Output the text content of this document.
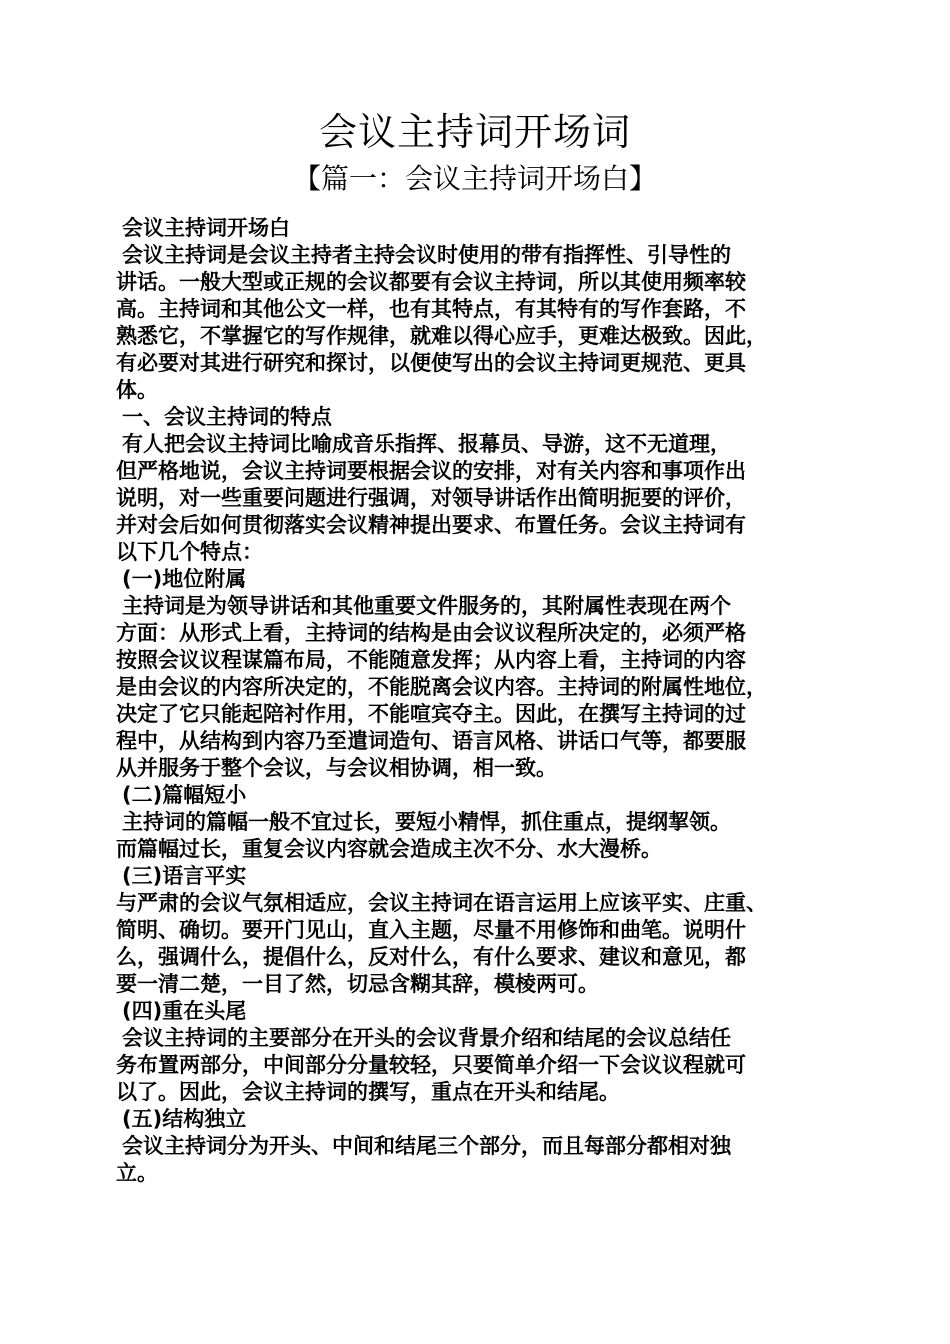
会议主持词开场词
【篇一：会议主持词开场白】
会议主持词开场白
会议主持词是会议主持者主持会议时使用的带有指挥性、引导性的
讲话。一般大型或正规的会议都要有会议主持词，所以其使用频率较
高。主持词和其他公文一样，也有其特点，有其特有的写作套路，不
熟悉它，不掌握它的写作规律，就难以得心应手，更难达极致。因此，
有必要对其进行研究和探讨，以便使写出的会议主持词更规范、更具
体。
一、会议主持词的特点
有人把会议主持词比喻成音乐指挥、报幕员、导游，这不无道理，
但严格地说，会议主持词要根据会议的安排，对有关内容和事项作出
说明，对一些重要问题进行强调，对领导讲话作出简明扼要的评价，
并对会后如何贯彻落实会议精神提出要求、布置任务。会议主持词有
以下几个特点：
(一)地位附属
主持词是为领导讲话和其他重要文件服务的，其附属性表现在两个
方面：从形式上看，主持词的结构是由会议议程所决定的，必须严格
按照会议议程谋篇布局，不能随意发挥；从内容上看，主持词的内容
是由会议的内容所决定的，不能脱离会议内容。主持词的附属性地位，
决定了它只能起陪衬作用，不能喧宾夺主。因此，在撰写主持词的过
程中，从结构到内容乃至遣词造句、语言风格、讲话口气等，都要服
从并服务于整个会议，与会议相协调，相一致。
(二)篇幅短小
主持词的篇幅一般不宜过长，要短小精悍，抓住重点，提纲挈领。
而篇幅过长，重复会议内容就会造成主次不分、水大漫桥。
(三)语言平实
与严肃的会议气氛相适应，会议主持词在语言运用上应该平实、庄重、
简明、确切。要开门见山，直入主题，尽量不用修饰和曲笔。说明什
么，强调什么，提倡什么，反对什么，有什么要求、建议和意见，都
要一清二楚，一目了然，切忌含糊其辞，模棱两可。
(四)重在头尾
会议主持词的主要部分在开头的会议背景介绍和结尾的会议总结任
务布置两部分，中间部分分量较轻，只要简单介绍一下会议议程就可
以了。因此，会议主持词的撰写，重点在开头和结尾。
(五)结构独立
会议主持词分为开头、中间和结尾三个部分，而且每部分都相对独
立。
